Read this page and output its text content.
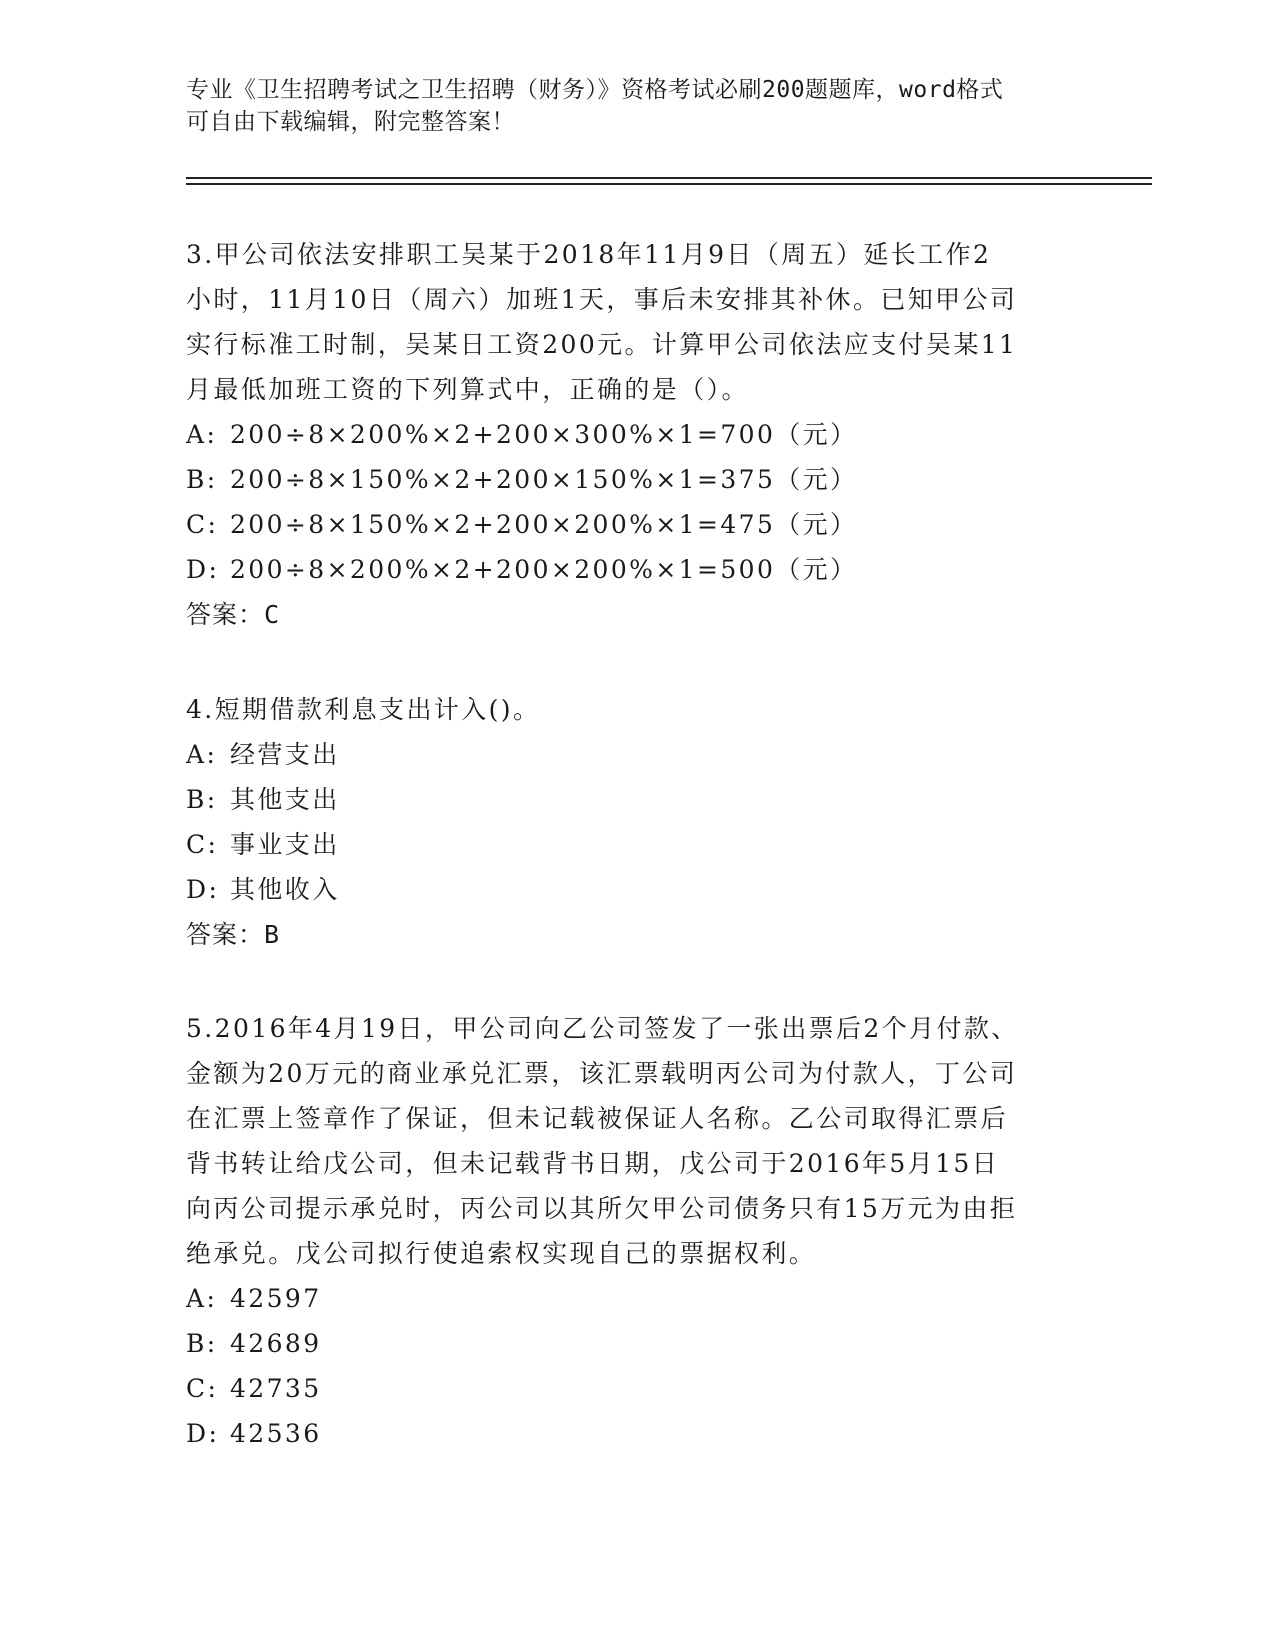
专业《卫生招聘考试之卫生招聘（财务）》资格考试必刷200题题库，word格式
可自由下载编辑，附完整答案！
3.甲公司依法安排职工吴某于2018年11月9日（周五）延长工作2
小时，11月10日（周六）加班1天，事后未安排其补休。已知甲公司
实行标准工时制，吴某日工资200元。计算甲公司依法应支付吴某11
月最低加班工资的下列算式中，正确的是（）。
A: 200÷8×200%×2+200×300%×1=700（元）
B: 200÷8×150%×2+200×150%×1=375（元）
C: 200÷8×150%×2+200×200%×1=475（元）
D: 200÷8×200%×2+200×200%×1=500（元）
答案：C
4.短期借款利息支出计入()。
A: 经营支出
B: 其他支出
C: 事业支出
D: 其他收入
答案：B
5.2016年4月19日，甲公司向乙公司签发了一张出票后2个月付款、
金额为20万元的商业承兑汇票，该汇票载明丙公司为付款人，丁公司
在汇票上签章作了保证，但未记载被保证人名称。乙公司取得汇票后
背书转让给戊公司，但未记载背书日期，戊公司于2016年5月15日
向丙公司提示承兑时，丙公司以其所欠甲公司债务只有15万元为由拒
绝承兑。戊公司拟行使追索权实现自己的票据权利。
A: 42597
B: 42689
C: 42735
D: 42536
